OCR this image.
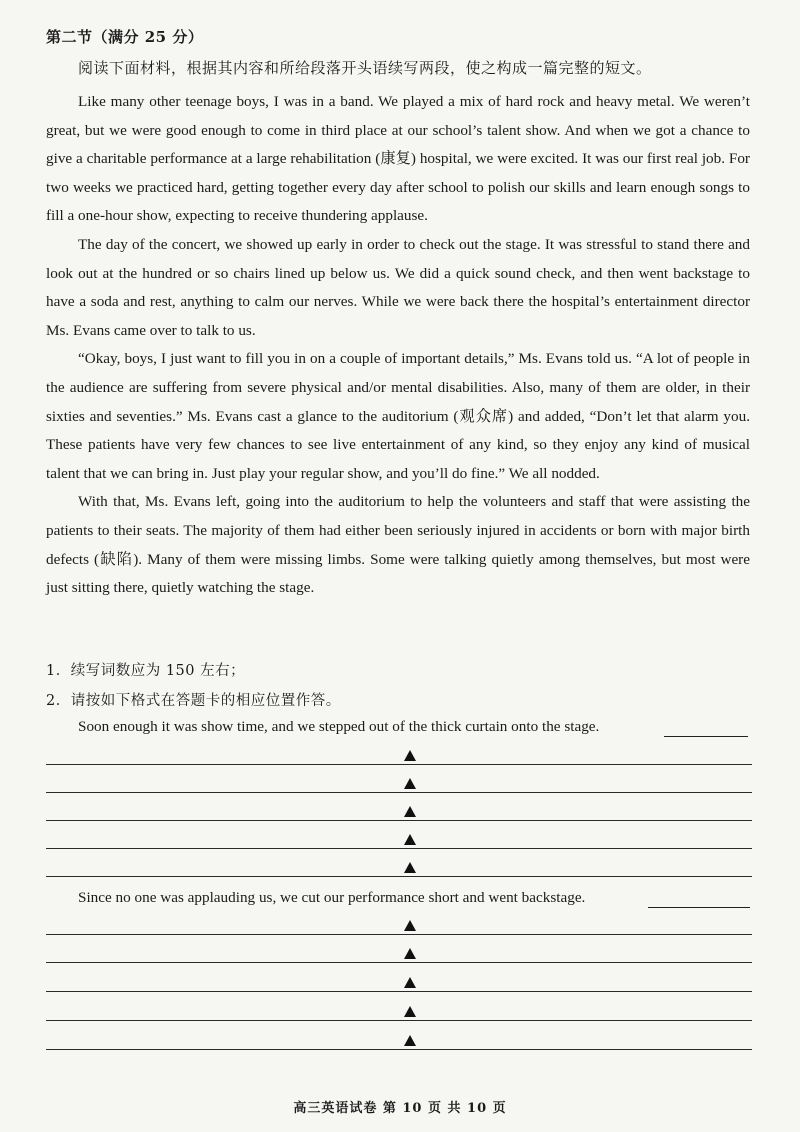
第二节（满分 25 分）
阅读下面材料，根据其内容和所给段落开头语续写两段，使之构成一篇完整的短文。

Like many other teenage boys, I was in a band. We played a mix of hard rock and heavy metal. We weren’t great, but we were good enough to come in third place at our school’s talent show. And when we got a chance to give a charitable performance at a large rehabilitation (康复) hospital, we were excited. It was our first real job. For two weeks we practiced hard, getting together every day after school to polish our skills and learn enough songs to fill a one-hour show, expecting to receive thundering applause.

The day of the concert, we showed up early in order to check out the stage. It was stressful to stand there and look out at the hundred or so chairs lined up below us. We did a quick sound check, and then went backstage to have a soda and rest, anything to calm our nerves. While we were back there the hospital’s entertainment director Ms. Evans came over to talk to us.

“Okay, boys, I just want to fill you in on a couple of important details,” Ms. Evans told us. “A lot of people in the audience are suffering from severe physical and/or mental disabilities. Also, many of them are older, in their sixties and seventies.” Ms. Evans cast a glance to the auditorium (观众席) and added, “Don’t let that alarm you. These patients have very few chances to see live entertainment of any kind, so they enjoy any kind of musical talent that we can bring in. Just play your regular show, and you’ll do fine.” We all nodded.

With that, Ms. Evans left, going into the auditorium to help the volunteers and staff that were assisting the patients to their seats. The majority of them had either been seriously injured in accidents or born with major birth defects (缺陷). Many of them were missing limbs. Some were talking quietly among themselves, but most were just sitting there, quietly watching the stage.

1．续写词数应为 150 左右；
2．请按如下格式在答题卡的相应位置作答。
Soon enough it was show time, and we stepped out of the thick curtain onto the stage.
Since no one was applauding us, we cut our performance short and went backstage.
高三英语试卷 第 10 页 共 10 页
